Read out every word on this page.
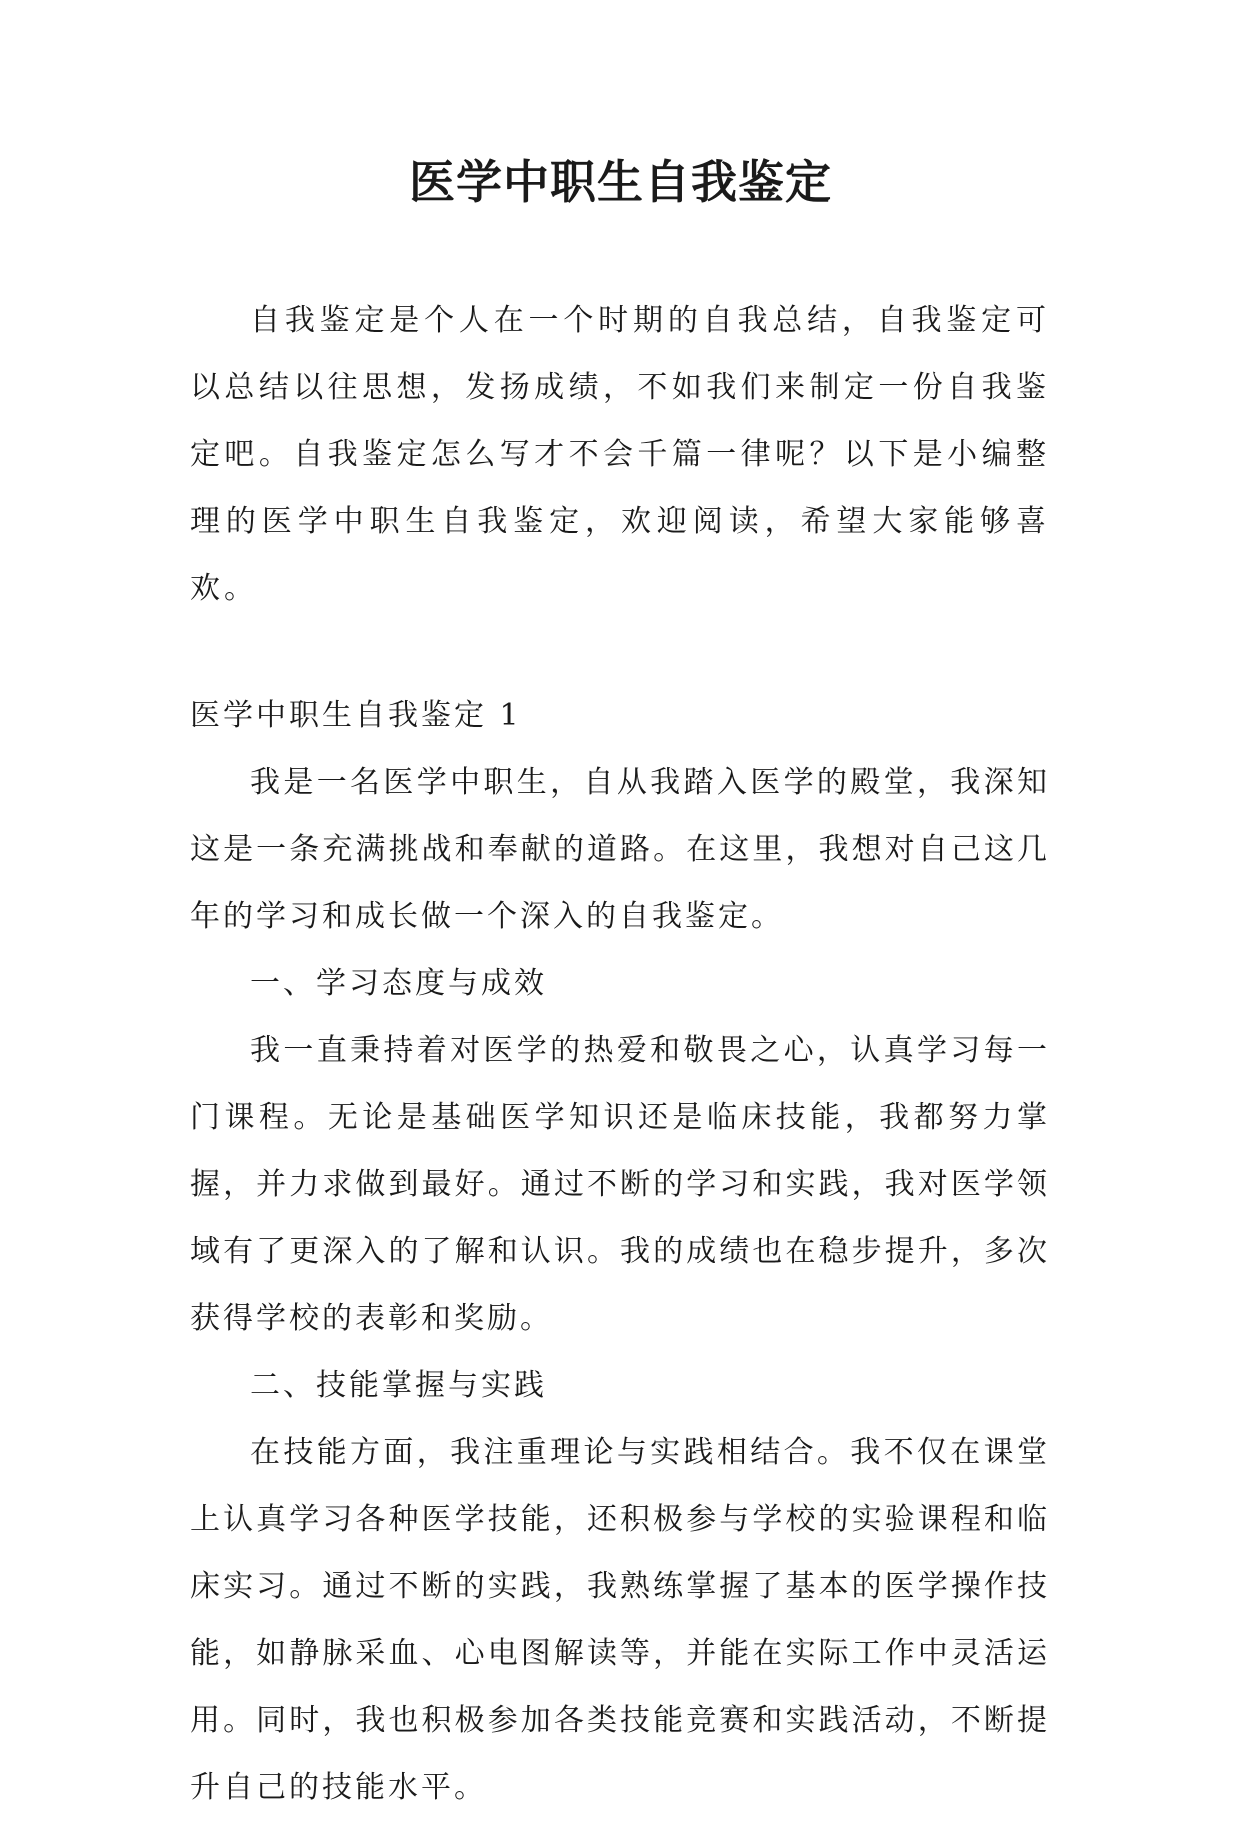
医学中职生自我鉴定

自我鉴定是个人在一个时期的自我总结，自我鉴定可以总结以往思想，发扬成绩，不如我们来制定一份自我鉴定吧。自我鉴定怎么写才不会千篇一律呢？以下是小编整理的医学中职生自我鉴定，欢迎阅读，希望大家能够喜欢。

医学中职生自我鉴定 1

我是一名医学中职生，自从我踏入医学的殿堂，我深知这是一条充满挑战和奉献的道路。在这里，我想对自己这几年的学习和成长做一个深入的自我鉴定。

一、学习态度与成效

我一直秉持着对医学的热爱和敬畏之心，认真学习每一门课程。无论是基础医学知识还是临床技能，我都努力掌握，并力求做到最好。通过不断的学习和实践，我对医学领域有了更深入的了解和认识。我的成绩也在稳步提升，多次获得学校的表彰和奖励。

二、技能掌握与实践

在技能方面，我注重理论与实践相结合。我不仅在课堂上认真学习各种医学技能，还积极参与学校的实验课程和临床实习。通过不断的实践，我熟练掌握了基本的医学操作技能，如静脉采血、心电图解读等，并能在实际工作中灵活运用。同时，我也积极参加各类技能竞赛和实践活动，不断提升自己的技能水平。
